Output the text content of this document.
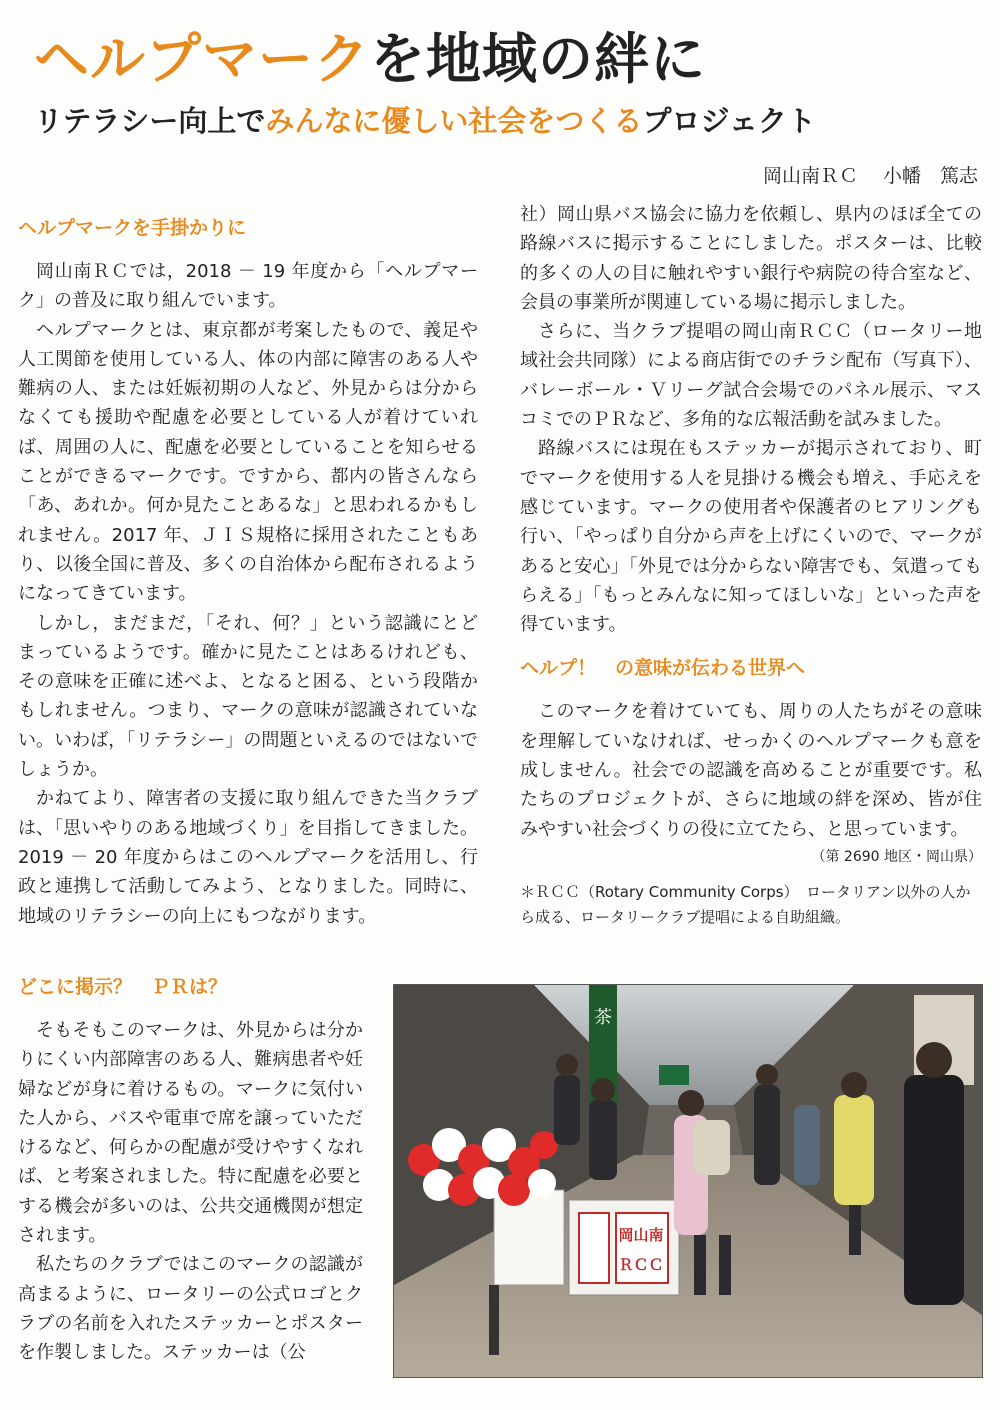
ヘルプマークを地域の絆に
リテラシー向上でみんなに優しい社会をつくるプロジェクト
岡山南ＲＣ　 小幡　篤志
ヘルプマークを手掛かりに

岡山南ＲＣでは，2018 － 19 年度から「ヘルプマーク」の普及に取り組んでいます。

ヘルプマークとは、東京都が考案したもので、義足や人工関節を使用している人、体の内部に障害のある人や難病の人、または妊娠初期の人など、外見からは分からなくても援助や配慮を必要としている人が着けていれば、周囲の人に、配慮を必要としていることを知らせることができるマークです。ですから、都内の皆さんなら「あ、あれか。何か見たことあるな」と思われるかもしれません。2017 年、ＪＩＳ規格に採用されたこともあり、以後全国に普及、多くの自治体から配布されるようになってきています。

しかし，まだまだ，「それ、何？」という認識にとどまっているようです。確かに見たことはあるけれども、その意味を正確に述べよ、となると困る、という段階かもしれません。つまり、マークの意味が認識されていない。いわば，「リテラシー」の問題といえるのではないでしょうか。

かねてより、障害者の支援に取り組んできた当クラブは、「思いやりのある地域づくり」を目指してきました。2019 － 20 年度からはこのヘルプマークを活用し、行政と連携して活動してみよう、となりました。同時に、地域のリテラシーの向上にもつながります。

どこに掲示？　ＰＲは？

そもそもこのマークは、外見からは分かりにくい内部障害のある人、難病患者や妊婦などが身に着けるもの。マークに気付いた人から、バスや電車で席を譲っていただけるなど、何らかの配慮が受けやすくなれば、と考案されました。特に配慮を必要とする機会が多いのは、公共交通機関が想定されます。

私たちのクラブではこのマークの認識が高まるように、ロータリーの公式ロゴとクラブの名前を入れたステッカーとポスターを作製しました。ステッカーは（公

社）岡山県バス協会に協力を依頼し、県内のほぼ全ての路線バスに掲示することにしました。ポスターは、比較的多くの人の目に触れやすい銀行や病院の待合室など、会員の事業所が関連している場に掲示しました。

さらに、当クラブ提唱の岡山南ＲＣＣ（ロータリー地域社会共同隊）による商店街でのチラシ配布（写真下）、バレーボール・Ｖリーグ試合会場でのパネル展示、マスコミでのＰＲなど、多角的な広報活動を試みました。

路線バスには現在もステッカーが掲示されており、町でマークを使用する人を見掛ける機会も増え、手応えを感じています。マークの使用者や保護者のヒアリングも行い、「やっぱり自分から声を上げにくいので、マークがあると安心」「外見では分からない障害でも、気遣ってもらえる」「もっとみんなに知ってほしいな」といった声を得ています。

ヘルプ！　の意味が伝わる世界へ

このマークを着けていても、周りの人たちがその意味を理解していなければ、せっかくのヘルプマークも意を成しません。社会での認識を高めることが重要です。私たちのプロジェクトが、さらに地域の絆を深め、皆が住みやすい社会づくりの役に立てたら、と思っています。

（第 2690 地区・岡山県）

＊ＲＣＣ（Rotary Community Corps）　ロータリアン以外の人から成る、ロータリークラブ提唱による自助組織。

茶
岡山南
ＲＣＣ
